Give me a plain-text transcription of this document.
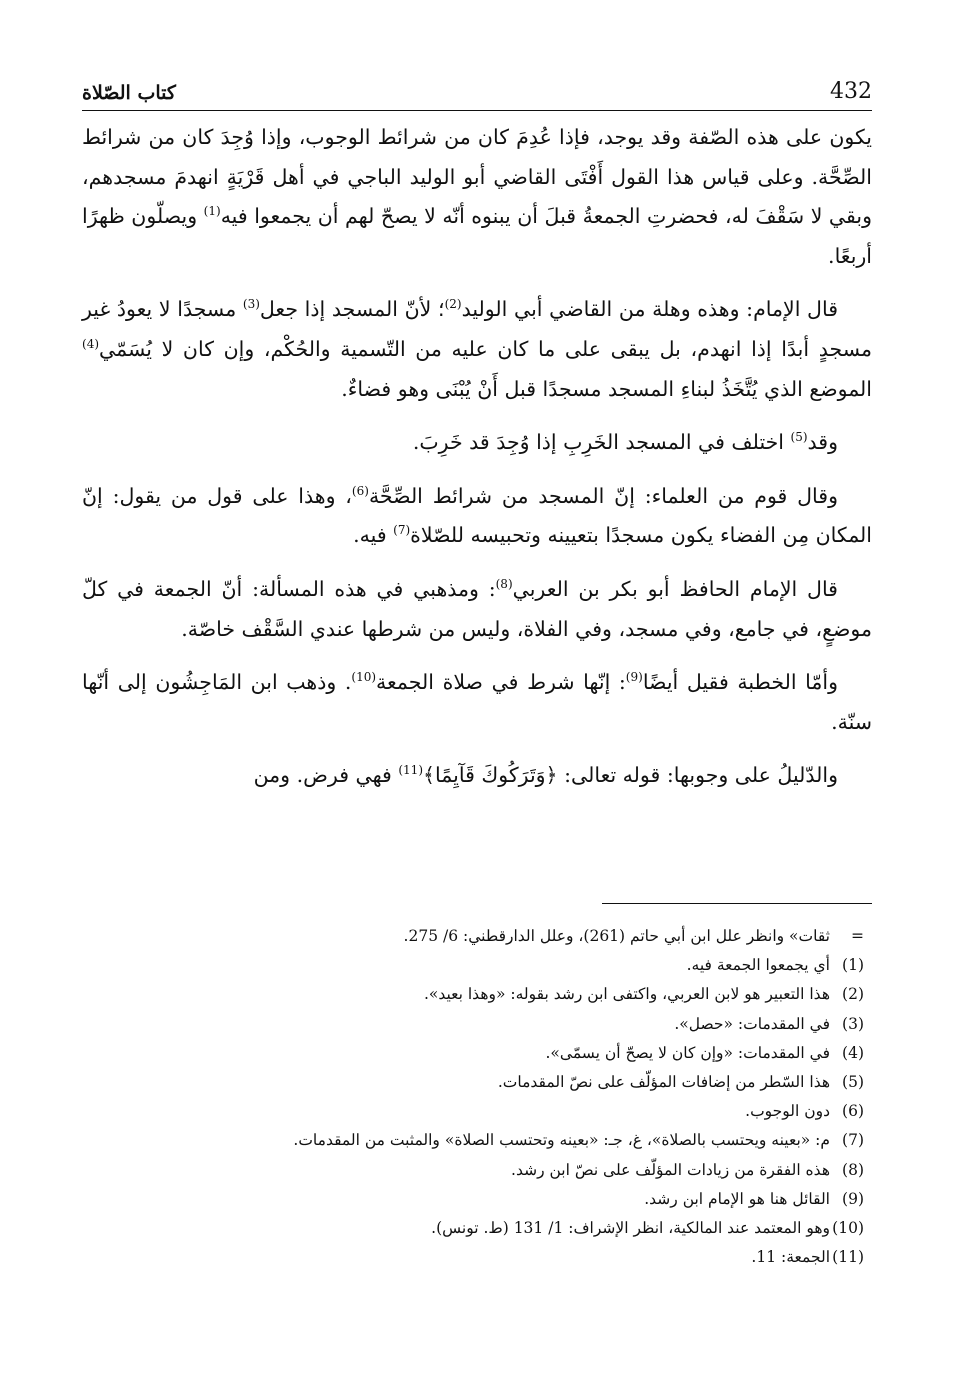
432
كتاب الصّلاة

يكون على هذه الصّفة وقد يوجد، فإذا عُدِمَ كان من شرائط الوجوب، وإذا وُجِدَ كان من شرائط الصِّحَّة. وعلى قياس هذا القول أَفْتَى القاضي أبو الوليد الباجي في أهل قَرْيَةٍ انهدمَ مسجدهم، وبقي لا سَقْفَ له، فحضرتِ الجمعةُ قبلَ أن يبنوه أنّه لا يصحّ لهم أن يجمعوا فيه$^{(1)}$ ويصلّون ظهرًا أربعًا.

قال الإمام: وهذه وهلة من القاضي أبي الوليد$^{(2)}$؛ لأنّ المسجد إذا جعل$^{(3)}$ مسجدًا لا يعودُ غير مسجدٍ أبدًا إذا انهدم، بل يبقى على ما كان عليه من التّسمية والحُكْم، وإن كان لا يُسَمّي$^{(4)}$ الموضع الذي يُتَّخَذُ لبناءِ المسجد مسجدًا قبل أَنْ يُبْنَى وهو فضاءٌ.

وقد$^{(5)}$ اختلف في المسجد الخَرِبِ إذا وُجِدَ قد خَرِبَ.

وقال قوم من العلماء: إنّ المسجد من شرائط الصِّحَّة$^{(6)}$، وهذا على قول من يقول: إنّ المكان مِن الفضاء يكون مسجدًا بتعيينه وتحبيسه للصّلاة$^{(7)}$ فيه.

قال الإمام الحافظ أبو بكر بن العربي$^{(8)}$: ومذهبي في هذه المسألة: أنّ الجمعة في كلّ موضعٍ، في جامع، وفي مسجد، وفي الفلاة، وليس من شرطها عندي السَّقْف خاصّة.

وأمّا الخطبة فقيل أيضًا$^{(9)}$: إنّها شرط في صلاة الجمعة$^{(10)}$. وذهب ابن المَاجِشُون إلى أنّها سنّة.

والدّليلُ على وجوبها: قوله تعالى: ﴿وَتَرَكُوكَ قَآيِمًا﴾$^{(11)}$ فهي فرض. ومن

=
ثقات» وانظر علل ابن أبي حاتم (261)، وعلل الدارقطني: 6/ 275.
(1)
أي يجمعوا الجمعة فيه.
(2)
هذا التعبير هو لابن العربي، واكتفى ابن رشد بقوله: «وهذا بعيد».
(3)
في المقدمات: «حصل».
(4)
في المقدمات: «وإن كان لا يصحّ أن يسمّى».
(5)
هذا السّطر من إضافات المؤلّف على نصّ المقدمات.
(6)
دون الوجوب.
(7)
م: «بعينه ويحتسب بالصلاة»، غ، جـ: «بعينه وتحتسب الصلاة» والمثبت من المقدمات.
(8)
هذه الفقرة من زيادات المؤلّف على نصّ ابن رشد.
(9)
القائل هنا هو الإمام ابن رشد.
(10)
وهو المعتمد عند المالكية، انظر الإشراف: 1/ 131 (ط. تونس).
(11)
الجمعة: 11.
